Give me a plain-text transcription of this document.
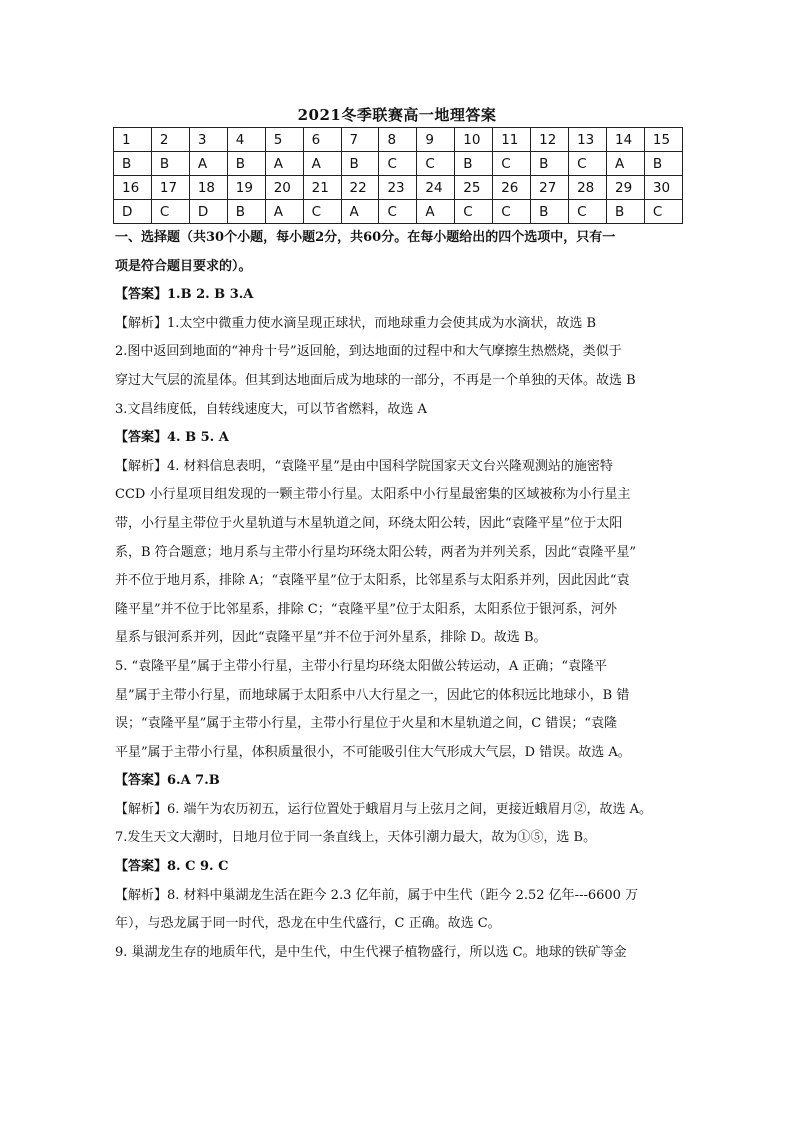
2021冬季联赛高一地理答案
1	2	3	4	5	6	7	8	9	10	11	12	13	14	15
B	B	A	B	A	A	B	C	C	B	C	B	C	A	B
16	17	18	19	20	21	22	23	24	25	26	27	28	29	30
D	C	D	B	A	C	A	C	A	C	C	B	C	B	C

一、选择题（共30个小题，每小题2分，共60分。在每小题给出的四个选项中，只有一

项是符合题目要求的）。

【答案】1.B 2. B 3.A

【解析】1.太空中微重力使水滴呈现正球状，而地球重力会使其成为水滴状，故选 B

2.图中返回到地面的“神舟十号”返回舱，到达地面的过程中和大气摩擦生热燃烧，类似于

穿过大气层的流星体。但其到达地面后成为地球的一部分，不再是一个单独的天体。故选 B

3.文昌纬度低，自转线速度大，可以节省燃料，故选 A

【答案】4. B 5. A

【解析】4. 材料信息表明，“袁隆平星”是由中国科学院国家天文台兴隆观测站的施密特

CCD 小行星项目组发现的一颗主带小行星。太阳系中小行星最密集的区域被称为小行星主

带，小行星主带位于火星轨道与木星轨道之间，环绕太阳公转，因此“袁隆平星”位于太阳

系，B 符合题意；地月系与主带小行星均环绕太阳公转，两者为并列关系，因此“袁隆平星”

并不位于地月系，排除 A；“袁隆平星”位于太阳系，比邻星系与太阳系并列，因此因此“袁

隆平星”并不位于比邻星系，排除 C；“袁隆平星”位于太阳系，太阳系位于银河系，河外

星系与银河系并列，因此“袁隆平星”并不位于河外星系，排除 D。故选 B。

5. “袁隆平星”属于主带小行星，主带小行星均环绕太阳做公转运动，A 正确；“袁隆平

星”属于主带小行星，而地球属于太阳系中八大行星之一，因此它的体积远比地球小，B 错

误；“袁隆平星”属于主带小行星，主带小行星位于火星和木星轨道之间，C 错误；“袁隆

平星”属于主带小行星，体积质量很小，不可能吸引住大气形成大气层，D 错误。故选 A。

【答案】6.A 7.B

【解析】6. 端午为农历初五，运行位置处于蛾眉月与上弦月之间，更接近蛾眉月②，故选 A。

7.发生天文大潮时，日地月位于同一条直线上，天体引潮力最大，故为①⑤，选 B。

【答案】8. C 9. C

【解析】8. 材料中巢湖龙生活在距今 2.3 亿年前，属于中生代（距今 2.52 亿年---6600 万

年），与恐龙属于同一时代，恐龙在中生代盛行，C 正确。故选 C。

9. 巢湖龙生存的地质年代，是中生代，中生代裸子植物盛行，所以选 C。地球的铁矿等金
